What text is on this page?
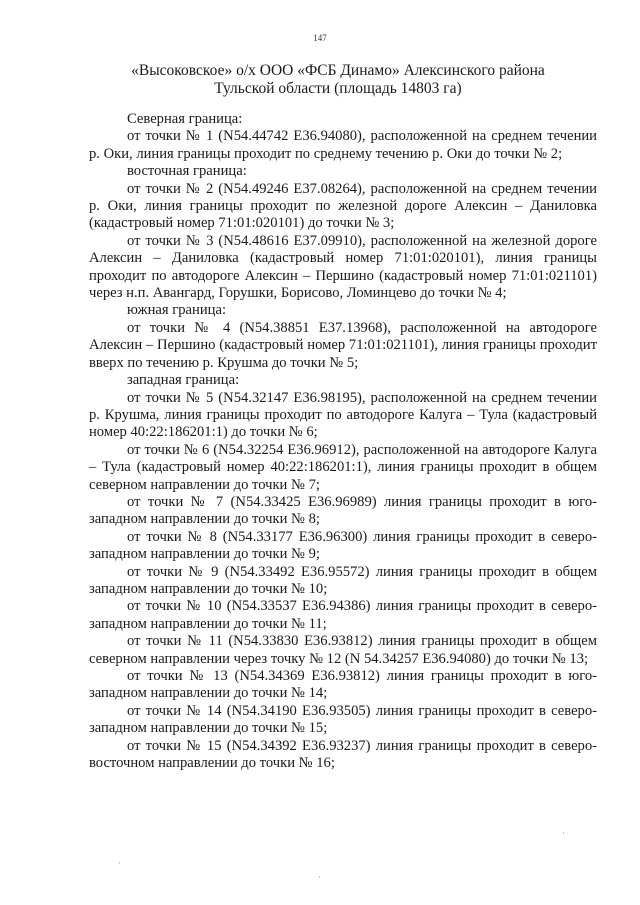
147
«Высоковское» о/х ООО «ФСБ Динамо» Алексинского района
Тульской области (площадь 14803 га)

Северная граница:

от точки № 1 (N54.44742 E36.94080), расположенной на среднем течении р. Оки, линия границы проходит по среднему течению р. Оки до точки № 2;

восточная граница:

от точки № 2 (N54.49246 E37.08264), расположенной на среднем течении р. Оки, линия границы проходит по железной дороге Алексин – Даниловка (кадастровый номер 71:01:020101) до точки № 3;

от точки № 3 (N54.48616 E37.09910), расположенной на железной дороге Алексин – Даниловка (кадастровый номер 71:01:020101), линия границы проходит по автодороге Алексин – Першино (кадастровый номер 71:01:021101) через н.п. Авангард, Горушки, Борисово, Ломинцево до точки № 4;

южная граница:

от точки № 4 (N54.38851 E37.13968), расположенной на автодороге Алексин – Першино (кадастровый номер 71:01:021101), линия границы проходит вверх по течению р. Крушма до точки № 5;

западная граница:

от точки № 5 (N54.32147 E36.98195), расположенной на среднем течении р. Крушма, линия границы проходит по автодороге Калуга – Тула (кадастровый номер 40:22:186201:1) до точки № 6;

от точки № 6 (N54.32254 E36.96912), расположенной на автодороге Калуга – Тула (кадастровый номер 40:22:186201:1), линия границы проходит в общем северном направлении до точки № 7;

от точки № 7 (N54.33425 E36.96989) линия границы проходит в юго-западном направлении до точки № 8;

от точки № 8 (N54.33177 E36.96300) линия границы проходит в северо-западном направлении до точки № 9;

от точки № 9 (N54.33492 E36.95572) линия границы проходит в общем западном направлении до точки № 10;

от точки № 10 (N54.33537 E36.94386) линия границы проходит в северо-западном направлении до точки № 11;

от точки № 11 (N54.33830 E36.93812) линия границы проходит в общем северном направлении через точку № 12 (N 54.34257 E36.94080) до точки № 13;

от точки № 13 (N54.34369 E36.93812) линия границы проходит в юго-западном направлении до точки № 14;

от точки № 14 (N54.34190 E36.93505) линия границы проходит в северо-западном направлении до точки № 15;

от точки № 15 (N54.34392 E36.93237) линия границы проходит в северо-восточном направлении до точки № 16;

·
·
·
